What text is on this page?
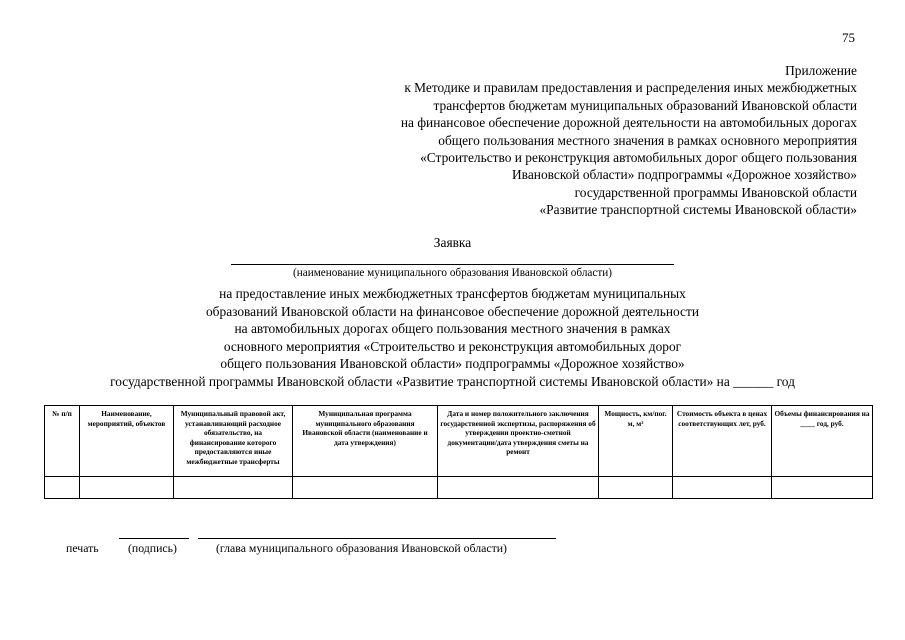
75
Приложение
к Методике и правилам предоставления и распределения иных межбюджетных
трансфертов бюджетам муниципальных образований Ивановской области
на финансовое обеспечение дорожной деятельности на автомобильных дорогах
общего пользования местного значения в рамках основного мероприятия
«Строительство и реконструкция автомобильных дорог общего пользования
Ивановской области» подпрограммы «Дорожное хозяйство»
государственной программы Ивановской области
«Развитие транспортной системы Ивановской области»
Заявка
(наименование муниципального образования Ивановской области)
на предоставление иных межбюджетных трансфертов бюджетам муниципальных
образований Ивановской области на финансовое обеспечение дорожной деятельности
на автомобильных дорогах общего пользования местного значения в рамках
основного мероприятия «Строительство и реконструкция автомобильных дорог
общего пользования Ивановской области» подпрограммы «Дорожное хозяйство»
государственной программы Ивановской области «Развитие транспортной системы Ивановской области» на ______ год
№ п/п	Наименование, мероприятий, объектов	Муниципальный правовой акт, устанавливающий расходное обязательство, на финансирование которого предоставляются иные межбюджетные трансферты	Муниципальная программа муниципального образования Ивановской области (наименование и дата утверждения)	Дата и номер положительного заключения государственной экспертизы, распоряжения об утверждении проектно-сметной документации/дата утверждения сметы на ремонт	Мощность, км/пог. м, м²	Стоимость объекта в ценах соответствующих лет, руб.	Объемы финансирования на ____ год, руб.

печать (подпись)	(глава муниципального образования Ивановской области)
